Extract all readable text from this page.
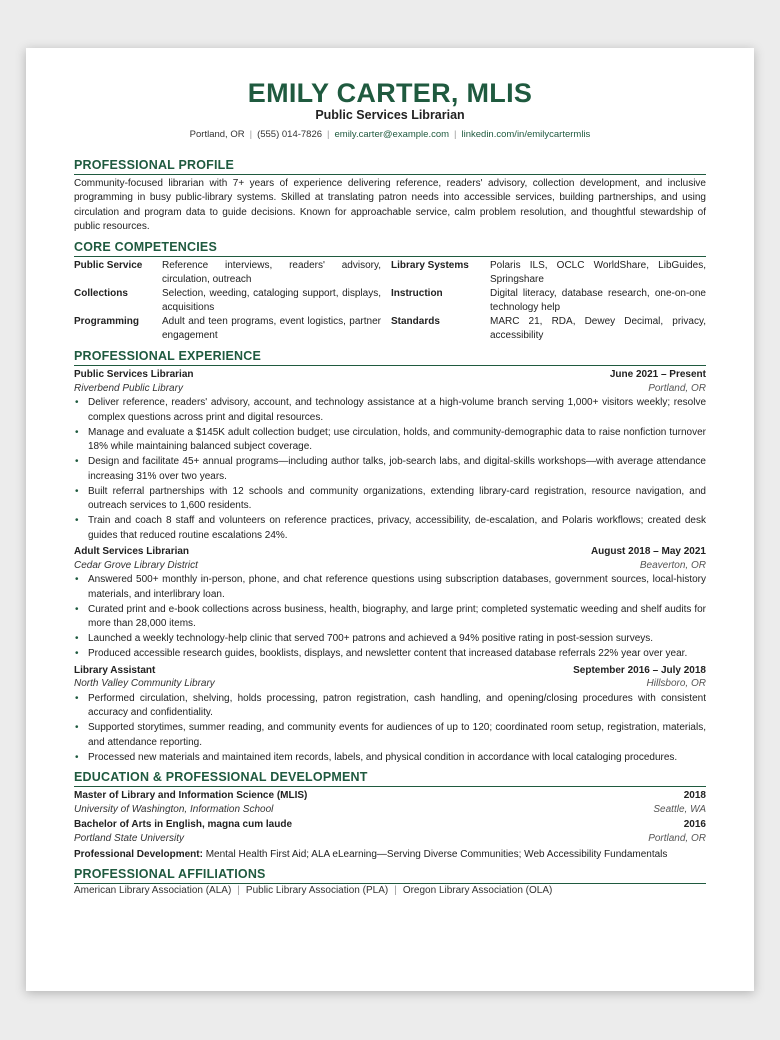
EMILY CARTER, MLIS
Public Services Librarian
Portland, OR | (555) 014-7826 | emily.carter@example.com | linkedin.com/in/emilycartermlis
PROFESSIONAL PROFILE

Community-focused librarian with 7+ years of experience delivering reference, readers' advisory, collection development, and inclusive programming in busy public-library systems. Skilled at translating patron needs into accessible services, building partnerships, and using circulation and program data to guide decisions. Known for approachable service, calm problem resolution, and thoughtful stewardship of public resources.

CORE COMPETENCIES
Public Service	Reference interviews, readers' advisory, circulation, outreach
Library Systems	Polaris ILS, OCLC WorldShare, LibGuides, Springshare
Collections	Selection, weeding, cataloging support, displays, acquisitions
Instruction	Digital literacy, database research, one-on-one technology help
Programming	Adult and teen programs, event logistics, partner engagement
Standards	MARC 21, RDA, Dewey Decimal, privacy, accessibility
PROFESSIONAL EXPERIENCE
Public Services Librarian	June 2021 – Present
Riverbend Public Library	Portland, OR
• Deliver reference, readers' advisory, account, and technology assistance at a high-volume branch serving 1,000+ visitors weekly; resolve complex questions across print and digital resources.
• Manage and evaluate a $145K adult collection budget; use circulation, holds, and community-demographic data to raise nonfiction turnover 18% while maintaining balanced subject coverage.
• Design and facilitate 45+ annual programs—including author talks, job-search labs, and digital-skills workshops—with average attendance increasing 31% over two years.
• Built referral partnerships with 12 schools and community organizations, extending library-card registration, resource navigation, and outreach services to 1,600 residents.
• Train and coach 8 staff and volunteers on reference practices, privacy, accessibility, de-escalation, and Polaris workflows; created desk guides that reduced routine escalations 24%.
Adult Services Librarian	August 2018 – May 2021
Cedar Grove Library District	Beaverton, OR
• Answered 500+ monthly in-person, phone, and chat reference questions using subscription databases, government sources, local-history materials, and interlibrary loan.
• Curated print and e-book collections across business, health, biography, and large print; completed systematic weeding and shelf audits for more than 28,000 items.
• Launched a weekly technology-help clinic that served 700+ patrons and achieved a 94% positive rating in post-session surveys.
• Produced accessible research guides, booklists, displays, and newsletter content that increased database referrals 22% year over year.
Library Assistant	September 2016 – July 2018
North Valley Community Library	Hillsboro, OR
• Performed circulation, shelving, holds processing, patron registration, cash handling, and opening/closing procedures with consistent accuracy and confidentiality.
• Supported storytimes, summer reading, and community events for audiences of up to 120; coordinated room setup, registration, materials, and attendance reporting.
• Processed new materials and maintained item records, labels, and physical condition in accordance with local cataloging procedures.
EDUCATION & PROFESSIONAL DEVELOPMENT
Master of Library and Information Science (MLIS)	2018
University of Washington, Information School	Seattle, WA
Bachelor of Arts in English, magna cum laude	2016
Portland State University	Portland, OR
Professional Development: Mental Health First Aid; ALA eLearning—Serving Diverse Communities; Web Accessibility Fundamentals
PROFESSIONAL AFFILIATIONS
American Library Association (ALA) | Public Library Association (PLA) | Oregon Library Association (OLA)
